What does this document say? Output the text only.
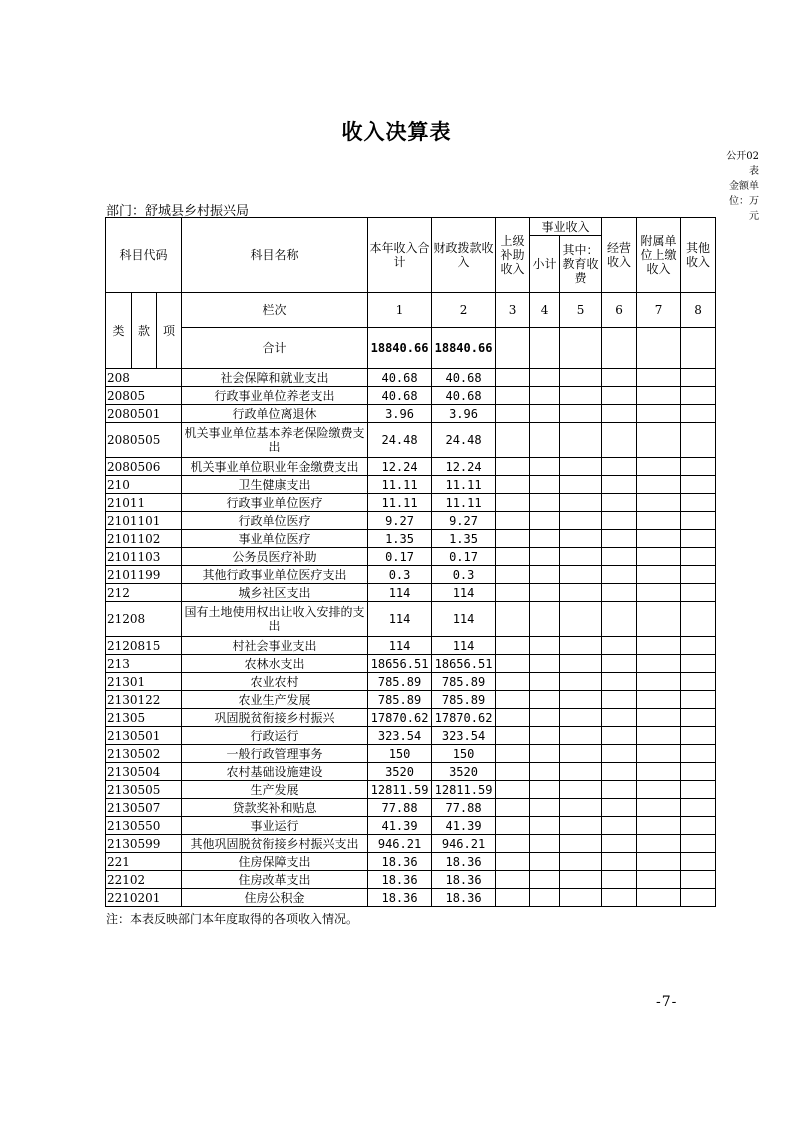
收入决算表
公开02
表
金额单
位：万
元
部门：舒城县乡村振兴局
科目代码			科目名称	本年收入合计	财政拨款收入	上级补助收入	事业收入		经营收入	附属单位上缴收入	其他收入
							小计	其中：教育收费			
类	款	项	栏次	1	2	3	4	5	6	7	8
			合计	18840.66	18840.66						
208			社会保障和就业支出	40.68	40.68						
20805			行政事业单位养老支出	40.68	40.68						
2080501			行政单位离退休	3.96	3.96						
2080505			机关事业单位基本养老保险缴费支出	24.48	24.48						
2080506			机关事业单位职业年金缴费支出	12.24	12.24						
210			卫生健康支出	11.11	11.11						
21011			行政事业单位医疗	11.11	11.11						
2101101			行政单位医疗	9.27	9.27						
2101102			事业单位医疗	1.35	1.35						
2101103			公务员医疗补助	0.17	0.17						
2101199			其他行政事业单位医疗支出	0.3	0.3						
212			城乡社区支出	114	114						
21208			国有土地使用权出让收入安排的支出	114	114						
2120815			村社会事业支出	114	114						
213			农林水支出	18656.51	18656.51						
21301			农业农村	785.89	785.89						
2130122			农业生产发展	785.89	785.89						
21305			巩固脱贫衔接乡村振兴	17870.62	17870.62						
2130501			行政运行	323.54	323.54						
2130502			一般行政管理事务	150	150						
2130504			农村基础设施建设	3520	3520						
2130505			生产发展	12811.59	12811.59						
2130507			贷款奖补和贴息	77.88	77.88						
2130550			事业运行	41.39	41.39						
2130599			其他巩固脱贫衔接乡村振兴支出	946.21	946.21						
221			住房保障支出	18.36	18.36						
22102			住房改革支出	18.36	18.36						
2210201			住房公积金	18.36	18.36						
注：本表反映部门本年度取得的各项收入情况。
-7-
